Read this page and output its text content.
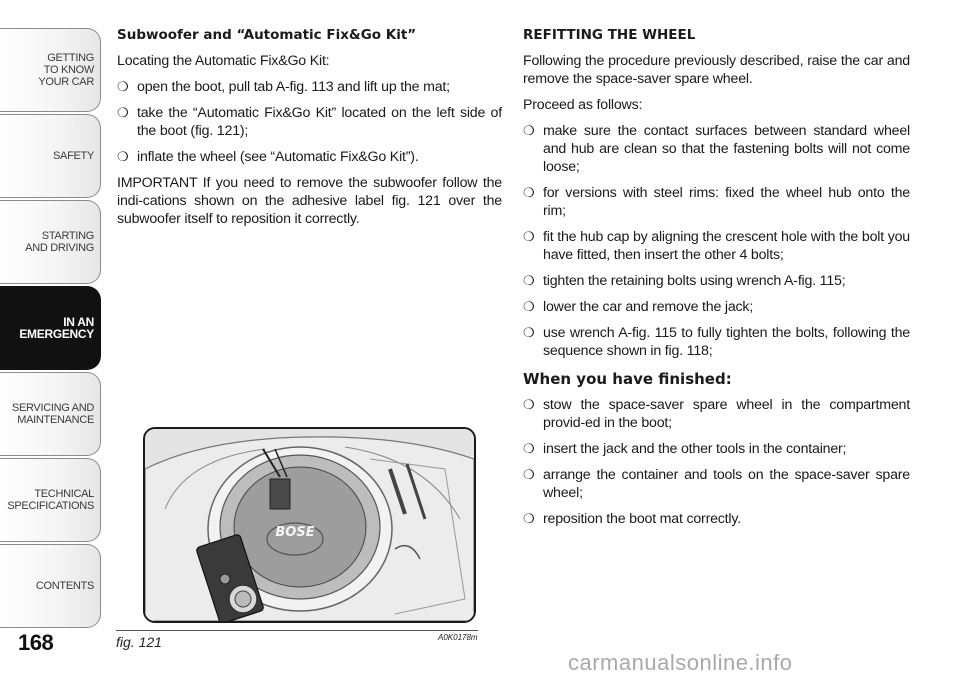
GETTING
TO KNOW
YOUR CAR
SAFETY
STARTING
AND DRIVING
IN AN
EMERGENCY
SERVICING AND
MAINTENANCE
TECHNICAL
SPECIFICATIONS
CONTENTS
168
Subwoofer and “Automatic Fix&Go Kit”

Locating the Automatic Fix&Go Kit:

❍ open the boot, pull tab A-fig. 113 and lift up the mat;
❍ take the “Automatic Fix&Go Kit” located on the left side of the boot (fig. 121);
❍ inflate the wheel (see “Automatic Fix&Go Kit”).

IMPORTANT If you need to remove the subwoofer follow the indi-cations shown on the adhesive label fig. 121 over the subwoofer itself to reposition it correctly.

BOSE
fig. 121	A0K0178m
REFITTING THE WHEEL

Following the procedure previously described, raise the car and remove the space-saver spare wheel.

Proceed as follows:

❍ make sure the contact surfaces between standard wheel and hub are clean so that the fastening bolts will not come loose;
❍ for versions with steel rims: fixed the wheel hub onto the rim;
❍ fit the hub cap by aligning the crescent hole with the bolt you have fitted, then insert the other 4 bolts;
❍ tighten the retaining bolts using wrench A-fig. 115;
❍ lower the car and remove the jack;
❍ use wrench A-fig. 115 to fully tighten the bolts, following the sequence shown in fig. 118;
When you have finished:
❍ stow the space-saver spare wheel in the compartment provid-ed in the boot;
❍ insert the jack and the other tools in the container;
❍ arrange the container and tools on the space-saver spare wheel;
❍ reposition the boot mat correctly.
carmanualsonline.info
